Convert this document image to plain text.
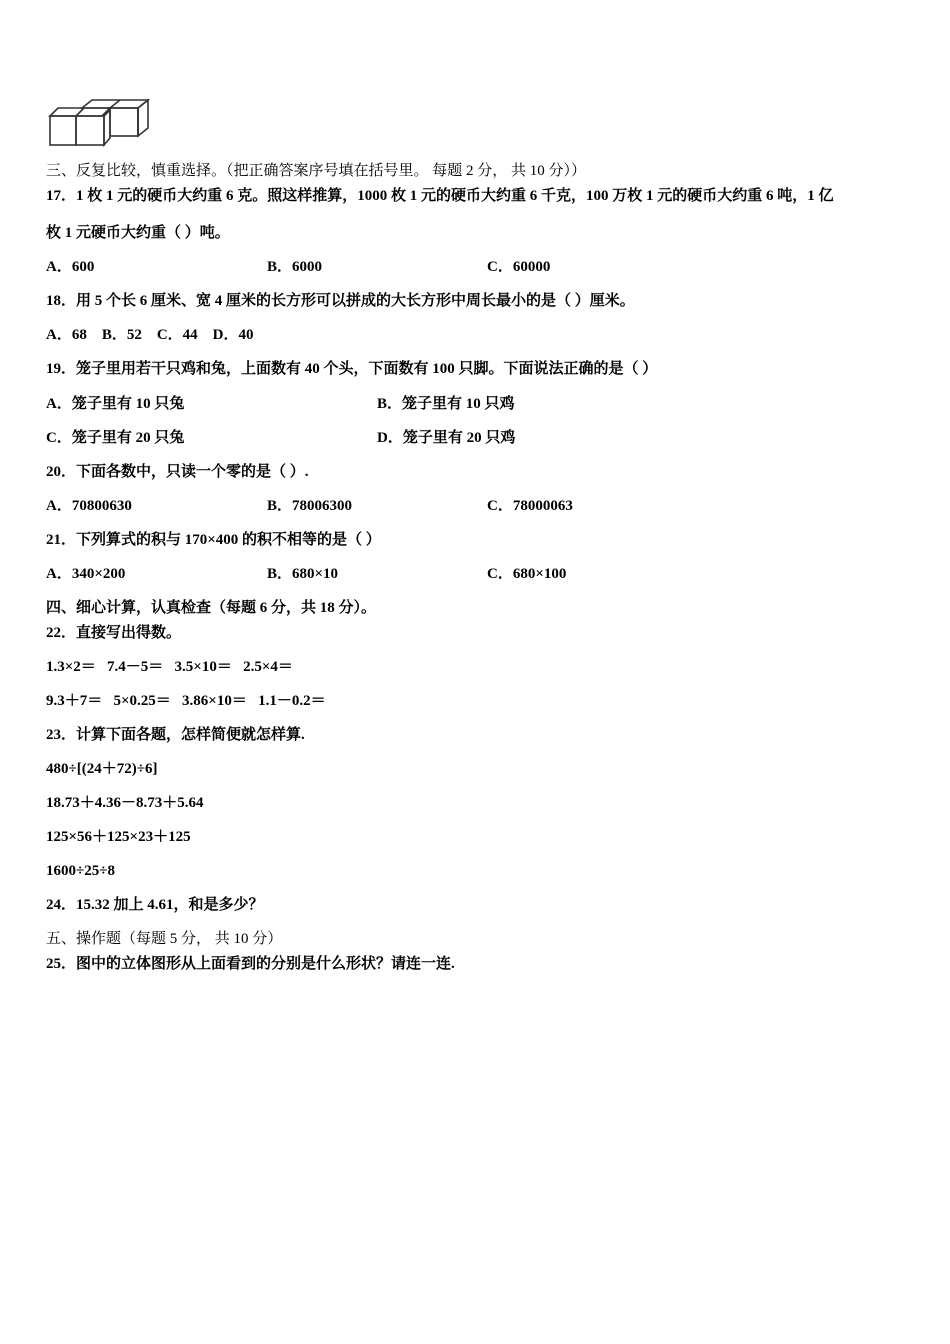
三、反复比较，慎重选择。（把正确答案序号填在括号里。 每题 2 分， 共 10 分））
17．1 枚 1 元的硬币大约重 6 克。照这样推算，1000 枚 1 元的硬币大约重 6 千克，100 万枚 1 元的硬币大约重 6 吨，1 亿
枚 1 元硬币大约重（ ）吨。
A．600	B．6000	C．60000
18．用 5 个长 6 厘米、宽 4 厘米的长方形可以拼成的大长方形中周长最小的是（ ）厘米。
A．68    B．52    C．44    D．40
19．笼子里用若干只鸡和兔，上面数有 40 个头，下面数有 100 只脚。下面说法正确的是（ ）
A．笼子里有 10 只兔	B．笼子里有 10 只鸡
C．笼子里有 20 只兔	D．笼子里有 20 只鸡
20．下面各数中，只读一个零的是（ ）.
A．70800630	B．78006300	C．78000063
21．下列算式的积与 170×400 的积不相等的是（ ）
A．340×200	B．680×10	C．680×100
四、细心计算，认真检查（每题 6 分，共 18 分）。
22．直接写出得数。
1.3×2＝   7.4－5＝   3.5×10＝   2.5×4＝
9.3＋7＝   5×0.25＝   3.86×10＝   1.1－0.2＝
23．计算下面各题，怎样简便就怎样算.
480÷[(24＋72)÷6]
18.73＋4.36－8.73＋5.64
125×56＋125×23＋125
1600÷25÷8
24．15.32 加上 4.61，和是多少？
五、操作题（每题 5 分， 共 10 分）
25．图中的立体图形从上面看到的分别是什么形状？请连一连.
